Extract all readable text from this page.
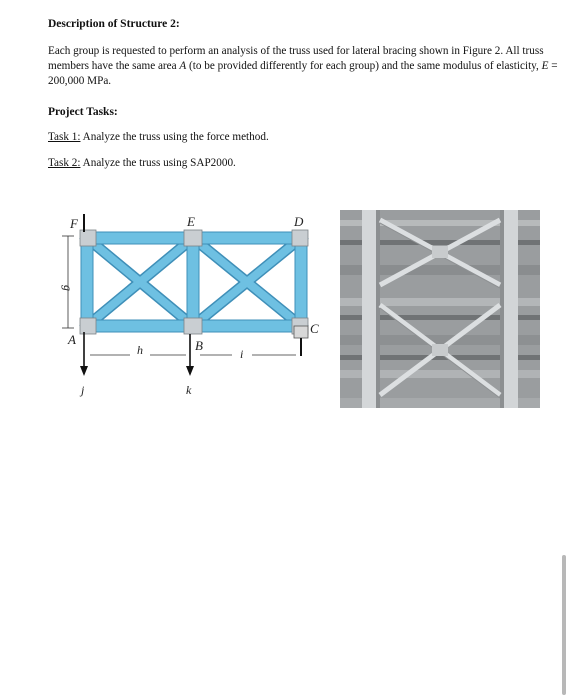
Description of Structure 2:

Each group is requested to perform an analysis of the truss used for lateral bracing shown in Figure 2. All truss members have the same area A (to be provided differently for each group) and the same modulus of elasticity, E = 200,000 MPa.

Project Tasks:

Task 1: Analyze the truss using the force method.

Task 2: Analyze the truss using SAP2000.

g
F	E	D
A	B
C
h	i
j	k
